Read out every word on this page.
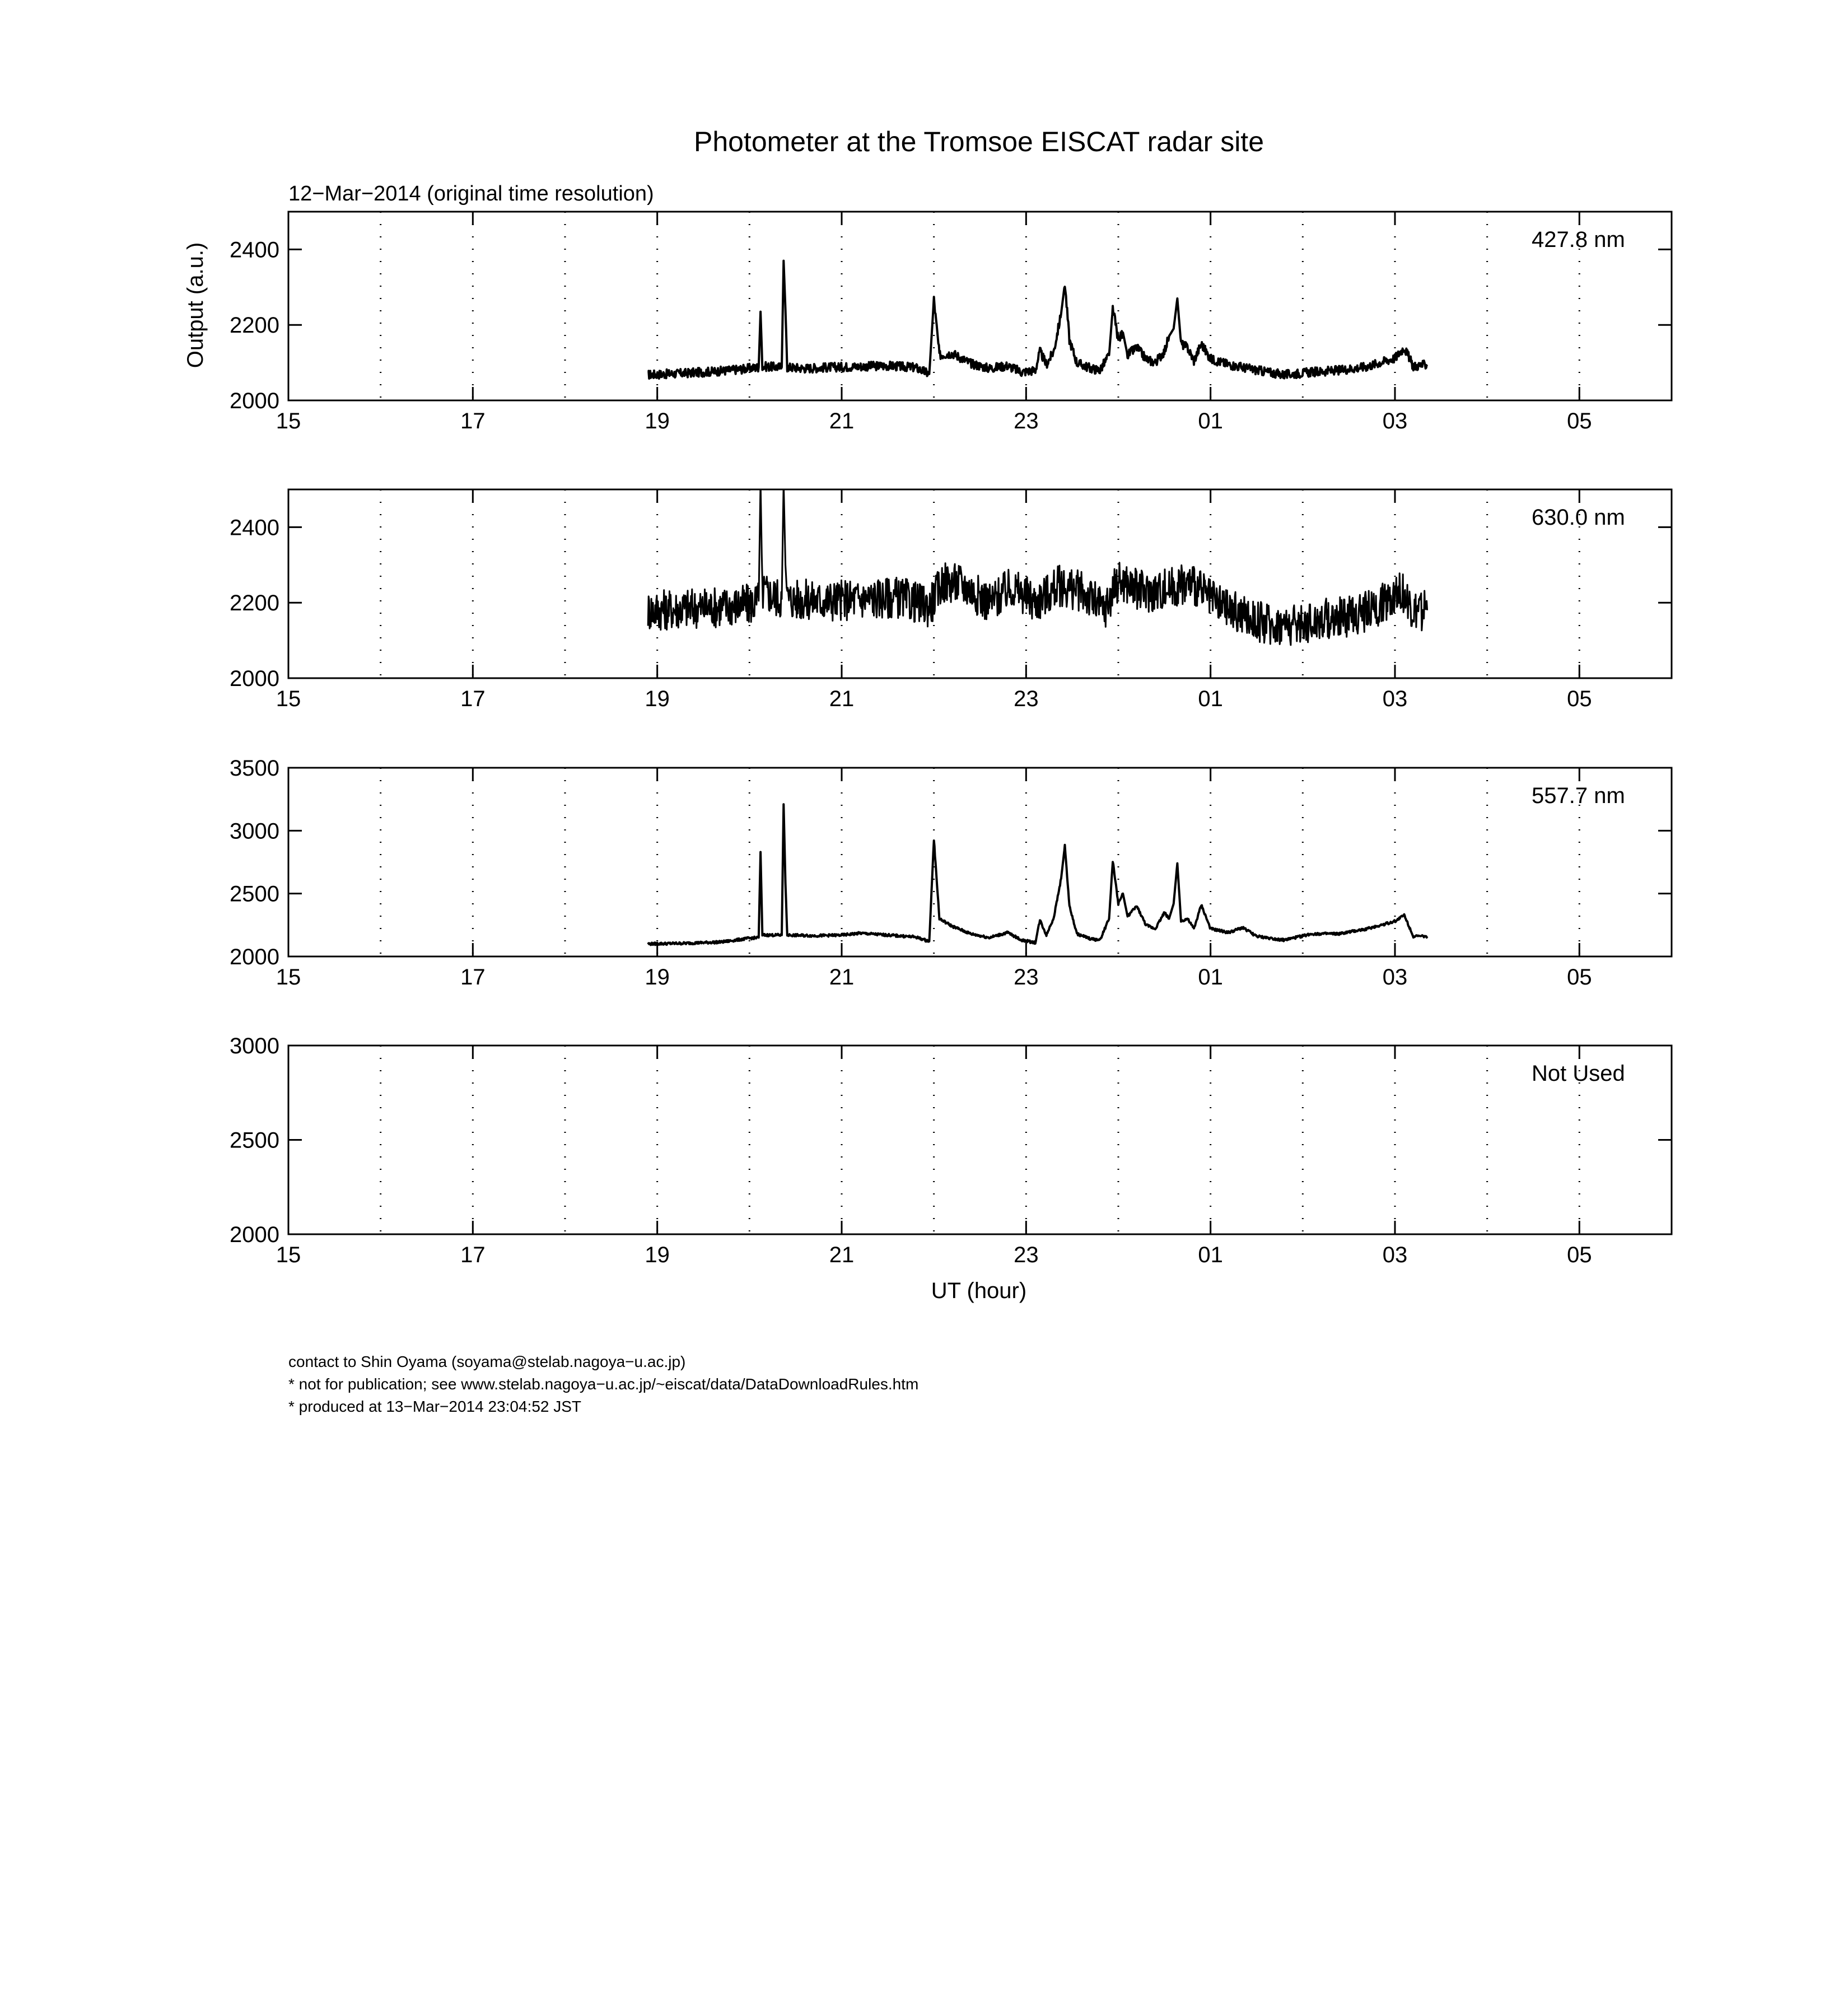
Photometer at the Tromsoe EISCAT radar site
12−Mar−2014 (original time resolution)
Output (a.u.)
UT (hour)
15	17	19	21	23	01	03	05
2000
2200
2400	427.8 nm
15	17	19	21	23	01	03	05
2000
2200
2400	630.0 nm
15	17	19	21	23	01	03	05
2000
2500
3000
3500
557.7 nm
15	17	19	21	23	01	03	05
2000
2500
3000
Not Used
contact to Shin Oyama (soyama@stelab.nagoya−u.ac.jp)
* not for publication; see www.stelab.nagoya−u.ac.jp/~eiscat/data/DataDownloadRules.htm
* produced at 13−Mar−2014 23:04:52 JST
